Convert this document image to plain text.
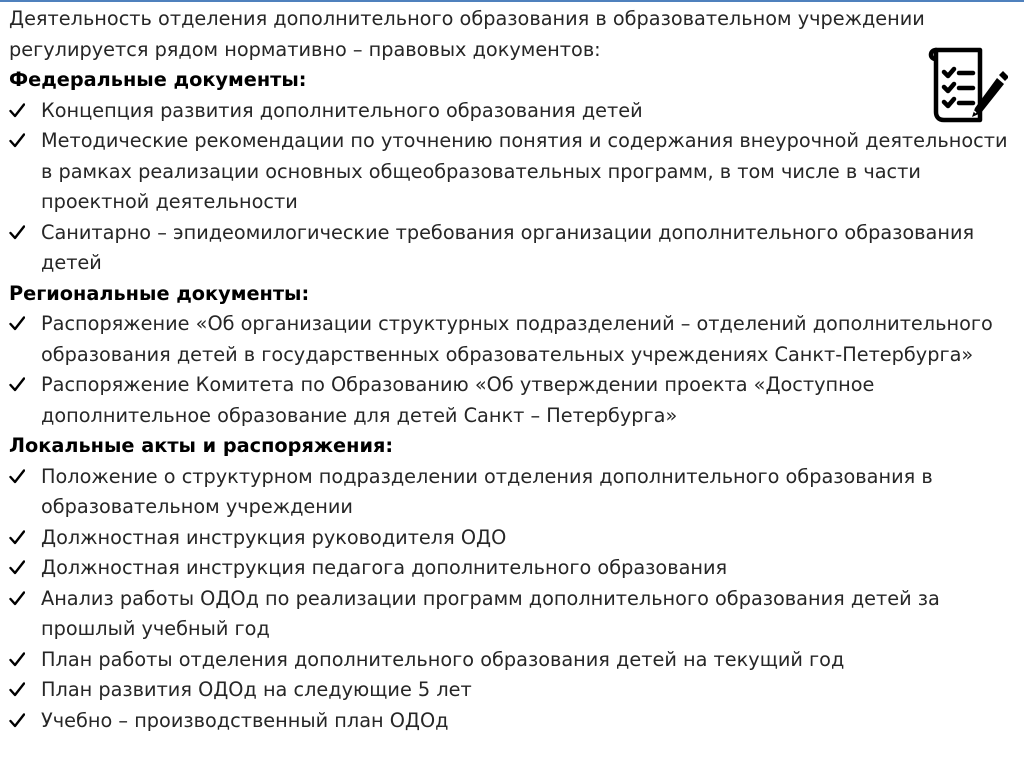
Деятельность отделения дополнительного образования в образовательном учреждении регулируется рядом нормативно – правовых документов:

Федеральные документы:

Концепция развития дополнительного образования детей
Методические рекомендации по уточнению понятия и содержания внеурочной деятельности в рамках реализации основных общеобразовательных программ, в том числе в части проектной деятельности
Санитарно – эпидеомилогические требования организации дополнительного образования детей

Региональные документы:

Распоряжение «Об организации структурных подразделений – отделений дополнительного образования детей в государственных образовательных учреждениях Санкт-Петербурга»
Распоряжение Комитета по Образованию «Об утверждении проекта «Доступное дополнительное образование для детей Санкт – Петербурга»

Локальные акты и распоряжения:

Положение о структурном подразделении отделения дополнительного образования в образовательном учреждении
Должностная инструкция руководителя ОДО
Должностная инструкция педагога дополнительного образования
Анализ работы ОДОд по реализации программ дополнительного образования детей за прошлый учебный год
План работы отделения дополнительного образования детей на текущий год
План развития ОДОд на следующие 5 лет
Учебно – производственный план ОДОд
